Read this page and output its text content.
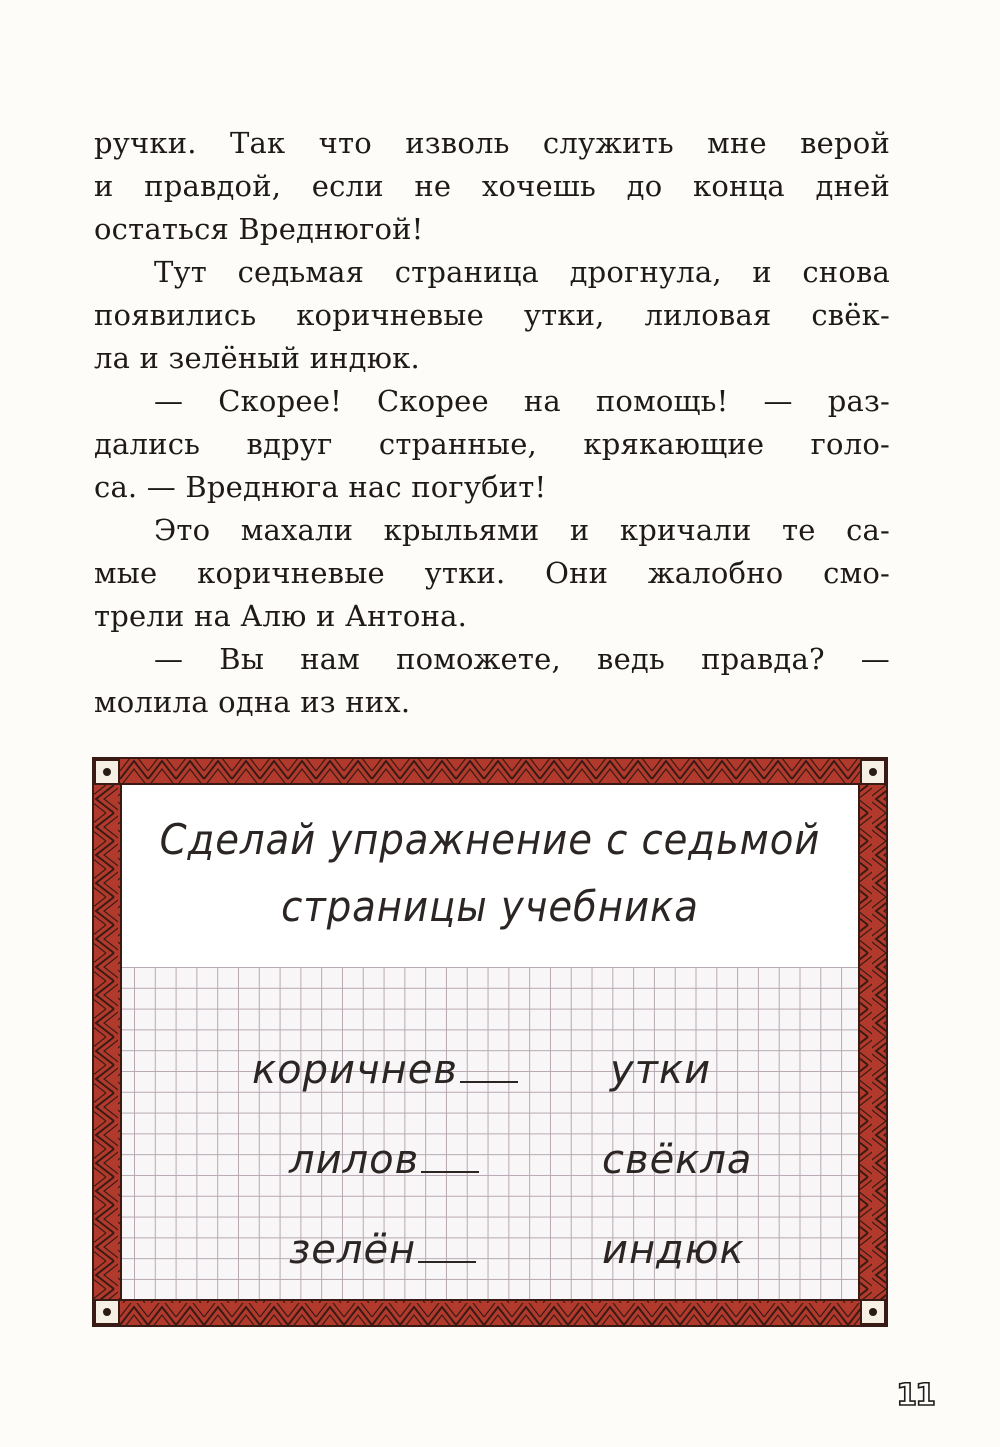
ручки. Так что изволь служить мне верой
и правдой, если не хочешь до конца дней
остаться Вреднюгой!
Тут седьмая страница дрогнула, и снова
появились коричневые утки, лиловая свёк-
ла и зелёный индюк.
— Скорее! Скорее на помощь! — раз-
дались вдруг странные, крякающие голо-
са. — Вреднюга нас погубит!
Это махали крыльями и кричали те са-
мые коричневые утки. Они жалобно смо-
трели на Алю и Антона.
— Вы нам поможете, ведь правда? —
молила одна из них.
Сделай упражнение с седьмой
страницы учебника
коричнев	утки
лилов	свёкла
зелён	индюк
11
